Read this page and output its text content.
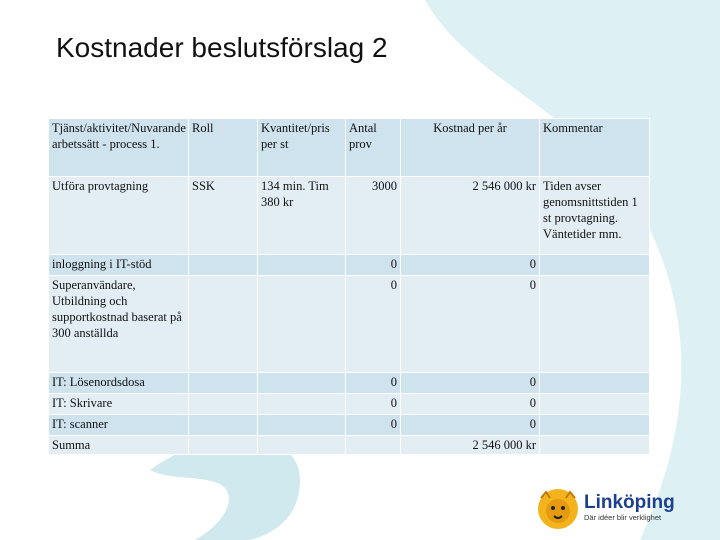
Kostnader beslutsförslag 2
Tjänst/aktivitet/Nuvarande arbetssätt - process 1.	Roll	Kvantitet/pris per st	Antal prov	Kostnad per år	Kommentar
Utföra provtagning	SSK	134 min. Tim 380 kr	3000	2 546 000 kr	Tiden avser genomsnittstiden 1 st provtagning. Väntetider mm.
inloggning i IT-stöd			0	0	
Superanvändare, Utbildning och supportkostnad baserat på 300 anställda			0	0	
IT: Lösenordsdosa			0	0	
IT: Skrivare			0	0	
IT: scanner			0	0	
Summa				2 546 000 kr	
Linköping
Där idéer blir verklighet
